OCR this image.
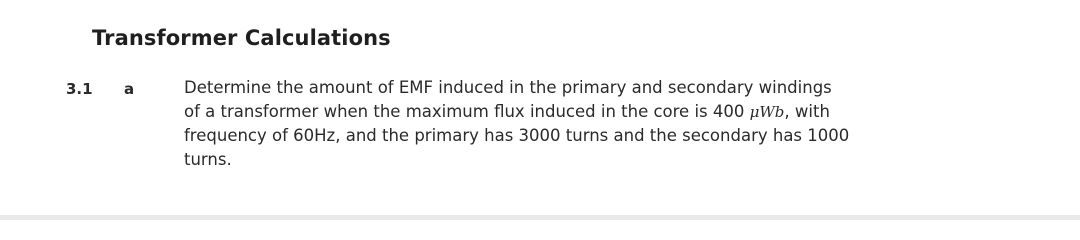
Transformer Calculations
3.1 a	Determine the amount of EMF induced in the primary and secondary windings
of a transformer when the maximum flux induced in the core is 400 μWb, with
frequency of 60Hz, and the primary has 3000 turns and the secondary has 1000
turns.
